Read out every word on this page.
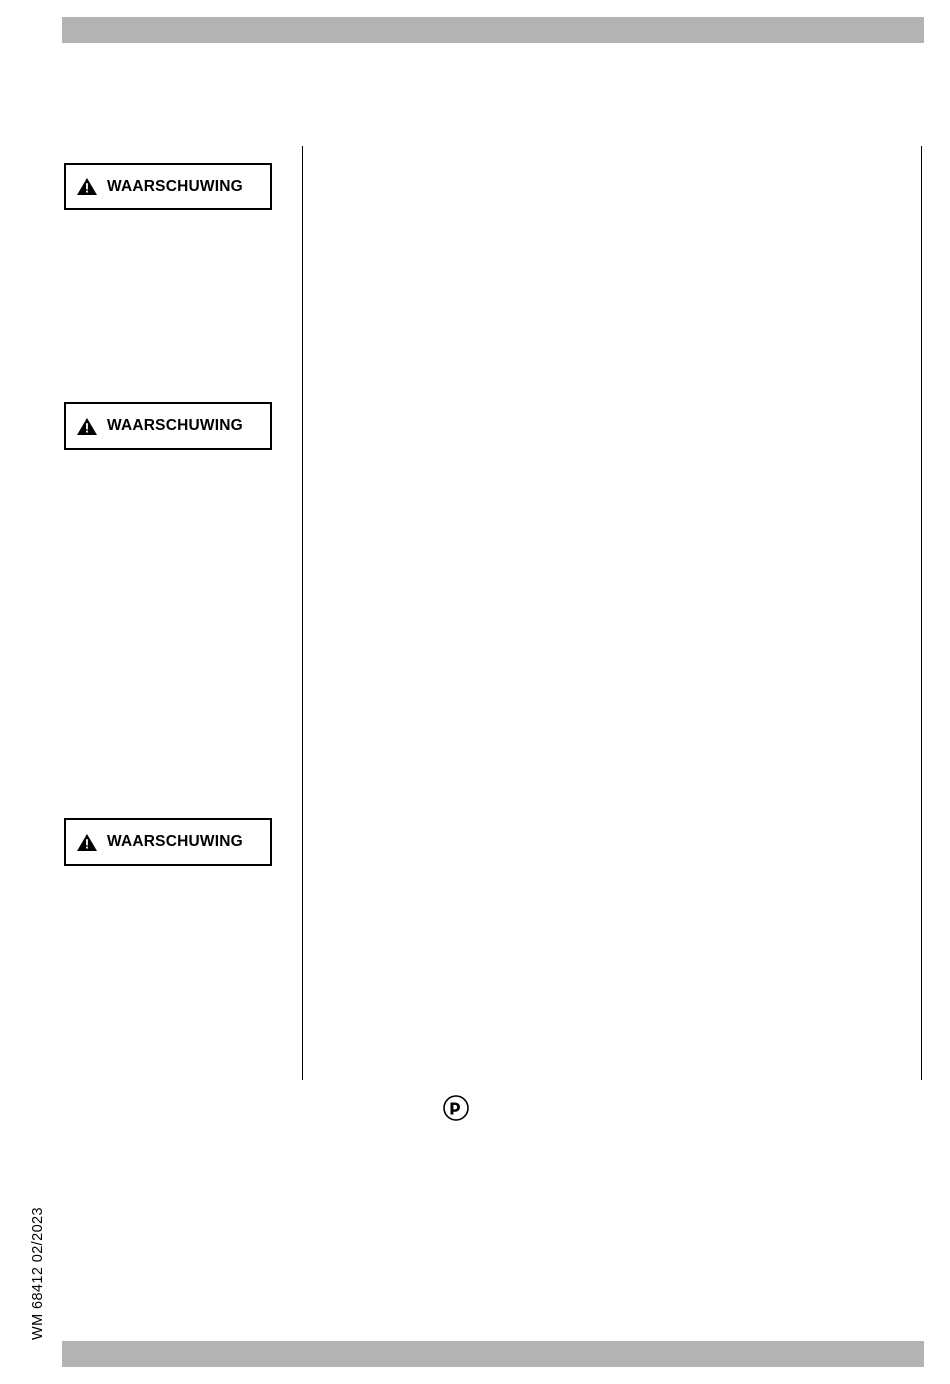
WAARSCHUWING
WAARSCHUWING
WAARSCHUWING
WM 68412 02/2023
